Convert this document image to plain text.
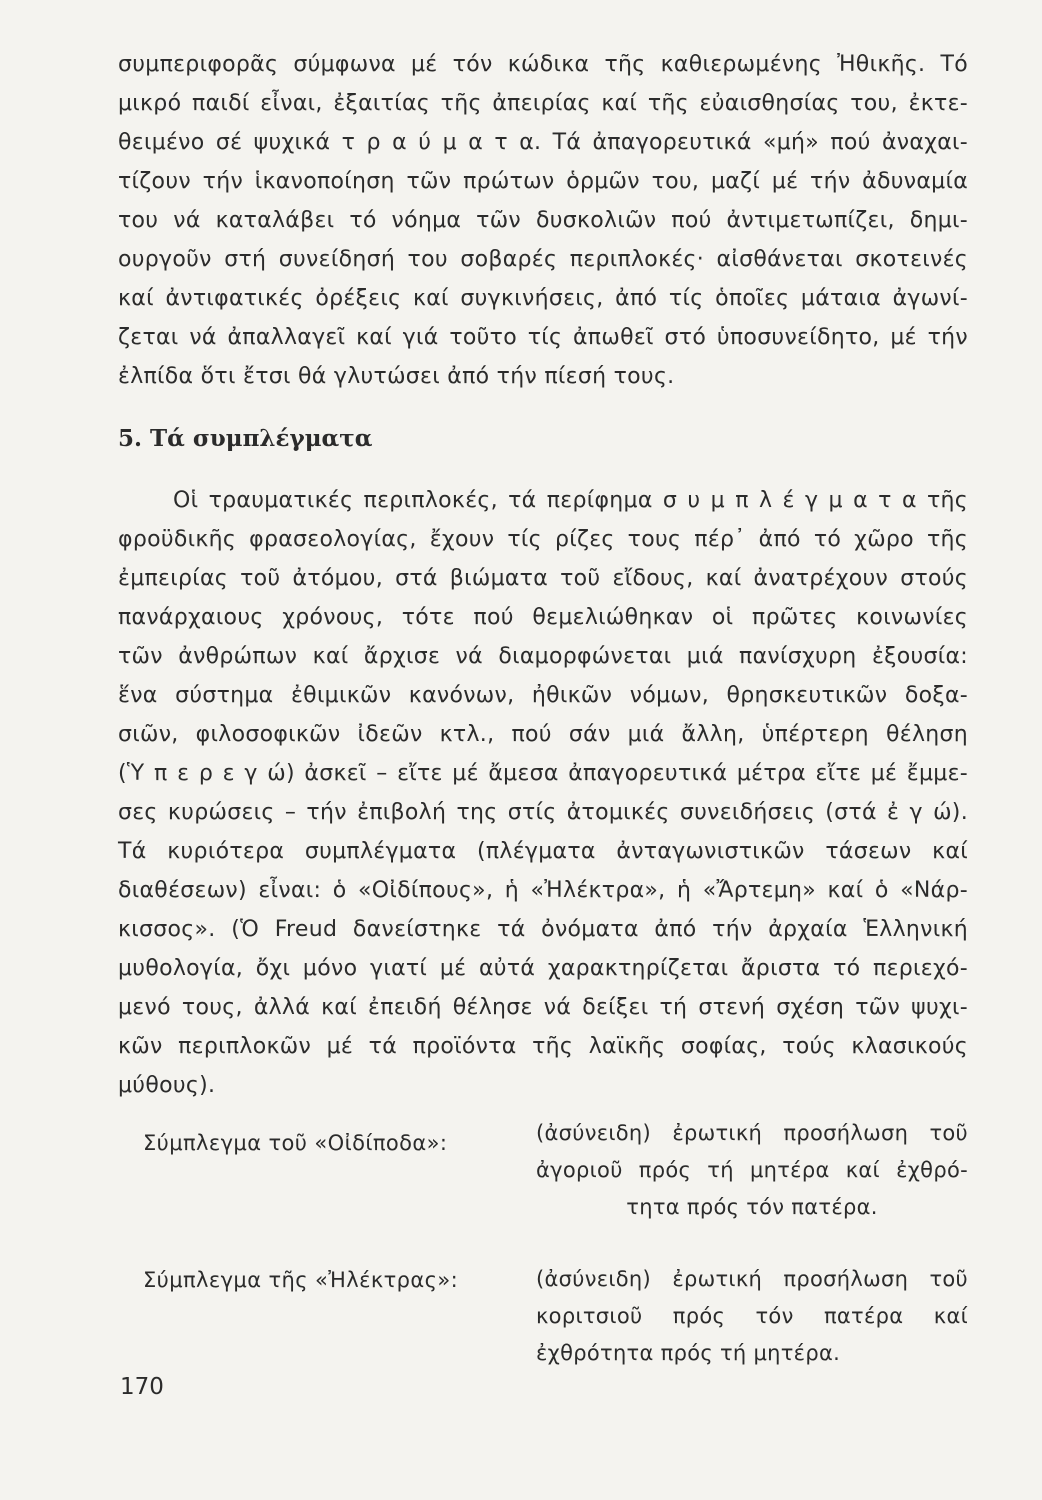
συμπεριφορᾶς σύμφωνα μέ τόν κώδικα τῆς καθιερωμένης Ἠθικῆς. Τό
μικρό παιδί εἶναι, ἐξαιτίας τῆς ἀπειρίας καί τῆς εὐαισθησίας του, ἐκτε-
θειμένο σέ ψυχικά τ ρ α ύ μ α τ α. Τά ἀπαγορευτικά «μή» πού ἀναχαι-
τίζουν τήν ἱκανοποίηση τῶν πρώτων ὁρμῶν του, μαζί μέ τήν ἀδυναμία
του νά καταλάβει τό νόημα τῶν δυσκολιῶν πού ἀντιμετωπίζει, δημι-
ουργοῦν στή συνείδησή του σοβαρές περιπλοκές· αἰσθάνεται σκοτεινές
καί ἀντιφατικές ὀρέξεις καί συγκινήσεις, ἀπό τίς ὁποῖες μάταια ἀγωνί-
ζεται νά ἀπαλλαγεῖ καί γιά τοῦτο τίς ἀπωθεῖ στό ὑποσυνείδητο, μέ τήν
ἐλπίδα ὅτι ἔτσι θά γλυτώσει ἀπό τήν πίεσή τους.
5. Τά συμπλέγματα
Οἱ τραυματικές περιπλοκές, τά περίφημα σ υ μ π λ έ γ μ α τ α τῆς
φροϋδικῆς φρασεολογίας, ἔχουν τίς ρίζες τους πέρ᾽ ἀπό τό χῶρο τῆς
ἐμπειρίας τοῦ ἀτόμου, στά βιώματα τοῦ εἴδους, καί ἀνατρέχουν στούς
πανάρχαιους χρόνους, τότε πού θεμελιώθηκαν οἱ πρῶτες κοινωνίες
τῶν ἀνθρώπων καί ἄρχισε νά διαμορφώνεται μιά πανίσχυρη ἐξουσία:
ἕνα σύστημα ἐθιμικῶν κανόνων, ἠθικῶν νόμων, θρησκευτικῶν δοξα-
σιῶν, φιλοσοφικῶν ἰδεῶν κτλ., πού σάν μιά ἄλλη, ὑπέρτερη θέληση
(Ὑ π ε ρ ε γ ώ) ἀσκεῖ – εἴτε μέ ἄμεσα ἀπαγορευτικά μέτρα εἴτε μέ ἔμμε-
σες κυρώσεις – τήν ἐπιβολή της στίς ἀτομικές συνειδήσεις (στά ἐ γ ώ).
Τά κυριότερα συμπλέγματα (πλέγματα ἀνταγωνιστικῶν τάσεων καί
διαθέσεων) εἶναι: ὁ «Οἰδίπους», ἡ «Ἠλέκτρα», ἡ «Ἄρτεμη» καί ὁ «Νάρ-
κισσος». (Ὁ Freud δανείστηκε τά ὀνόματα ἀπό τήν ἀρχαία Ἑλληνική
μυθολογία, ὄχι μόνο γιατί μέ αὐτά χαρακτηρίζεται ἄριστα τό περιεχό-
μενό τους, ἀλλά καί ἐπειδή θέλησε νά δείξει τή στενή σχέση τῶν ψυχι-
κῶν περιπλοκῶν μέ τά προϊόντα τῆς λαϊκῆς σοφίας, τούς κλασικούς
μύθους).
Σύμπλεγμα τοῦ «Οἰδίποδα»:	(ἀσύνειδη) ἐρωτική προσήλωση τοῦ
ἀγοριοῦ πρός τή μητέρα καί ἐχθρό-
τητα πρός τόν πατέρα.
Σύμπλεγμα τῆς «Ἠλέκτρας»:	(ἀσύνειδη) ἐρωτική προσήλωση τοῦ
κοριτσιοῦ πρός τόν πατέρα καί
ἐχθρότητα πρός τή μητέρα.
170
